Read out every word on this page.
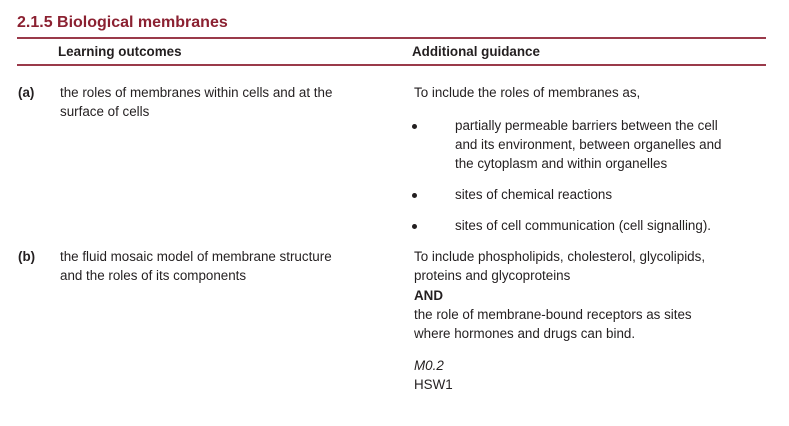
2.1.5 Biological membranes
Learning outcomes	Additional guidance
(a) the roles of membranes within cells and at the
surface of cells
To include the roles of membranes as,
partially permeable barriers between the cell
and its environment, between organelles and
the cytoplasm and within organelles
sites of chemical reactions
sites of cell communication (cell signalling).
(b) the fluid mosaic model of membrane structure
and the roles of its components
To include phospholipids, cholesterol, glycolipids,
proteins and glycoproteins
AND
the role of membrane-bound receptors as sites
where hormones and drugs can bind.
M0.2
HSW1
